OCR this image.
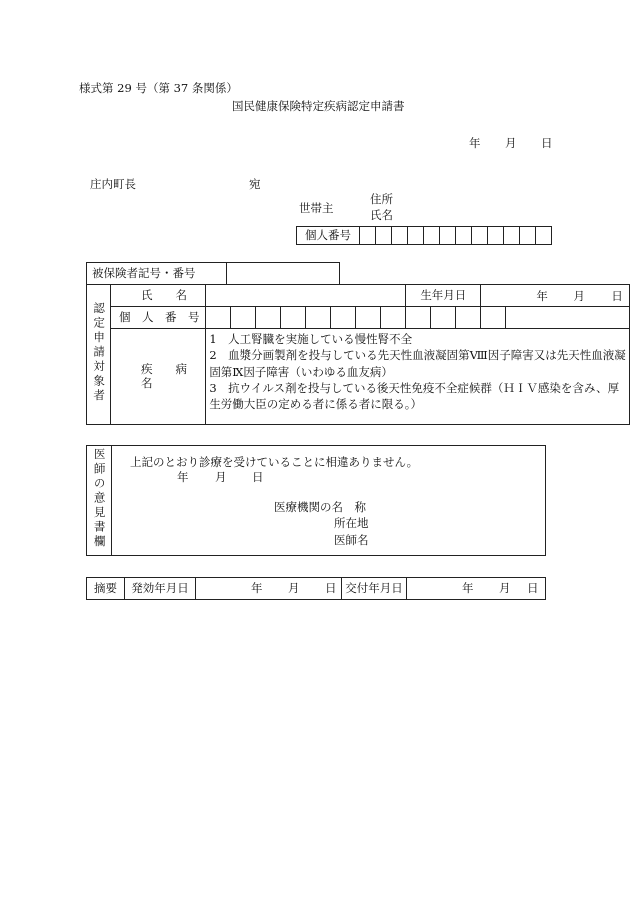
様式第 29 号（第 37 条関係）
国民健康保険特定疾病認定申請書
年 月 日
庄内町長	宛
世帯主
住所
氏名
個人番号												
被保険者記号・番号	
認定申請対象者	氏　名									生年月日			年 月 日	

	個　人　番　号													
	疾　病　名	1　人工腎臓を実施している慢性腎不全
2　血漿分画製剤を投与している先天性血液凝固第Ⅷ因子障害又は先天性血液凝固第Ⅸ因子障害（いわゆる血友病）
3　抗ウイルス剤を投与している後天性免疫不全症候群（ＨＩＶ感染を含み、厚生労働大臣の定める者に係る者に限る。）												
医師の意見書欄	上記のとおり診療を受けていることに相違ありません。
年 月 日
医療機関の名　称
所在地
医師名
摘要	発効年月日	年 月 日	交付年月日	年 月 日
